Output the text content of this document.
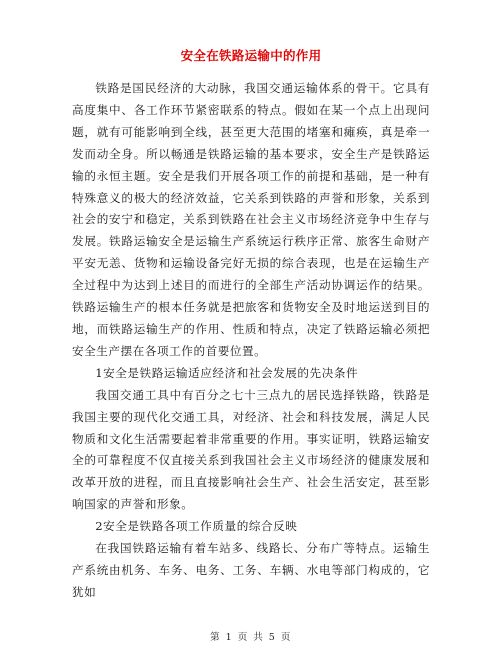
安全在铁路运输中的作用

铁路是国民经济的大动脉，我国交通运输体系的骨干。它具有高度集中、各工作环节紧密联系的特点。假如在某一个点上出现问题，就有可能影响到全线，甚至更大范围的堵塞和瘫痪，真是牵一发而动全身。所以畅通是铁路运输的基本要求，安全生产是铁路运输的永恒主题。安全是我们开展各项工作的前提和基础，是一种有特殊意义的极大的经济效益，它关系到铁路的声誉和形象，关系到社会的安宁和稳定，关系到铁路在社会主义市场经济竞争中生存与发展。铁路运输安全是运输生产系统运行秩序正常、旅客生命财产平安无恙、货物和运输设备完好无损的综合表现，也是在运输生产全过程中为达到上述目的而进行的全部生产活动协调运作的结果。铁路运输生产的根本任务就是把旅客和货物安全及时地运送到目的地，而铁路运输生产的作用、性质和特点，决定了铁路运输必须把安全生产摆在各项工作的首要位置。

1安全是铁路运输适应经济和社会发展的先决条件

我国交通工具中有百分之七十三点九的居民选择铁路，铁路是我国主要的现代化交通工具，对经济、社会和科技发展，满足人民物质和文化生活需要起着非常重要的作用。事实证明，铁路运输安全的可靠程度不仅直接关系到我国社会主义市场经济的健康发展和改革开放的进程，而且直接影响社会生产、社会生活安定，甚至影响国家的声誉和形象。

2安全是铁路各项工作质量的综合反映

在我国铁路运输有着车站多、线路长、分布广等特点。运输生产系统由机务、车务、电务、工务、车辆、水电等部门构成的，它犹如

第 1 页 共 5 页
